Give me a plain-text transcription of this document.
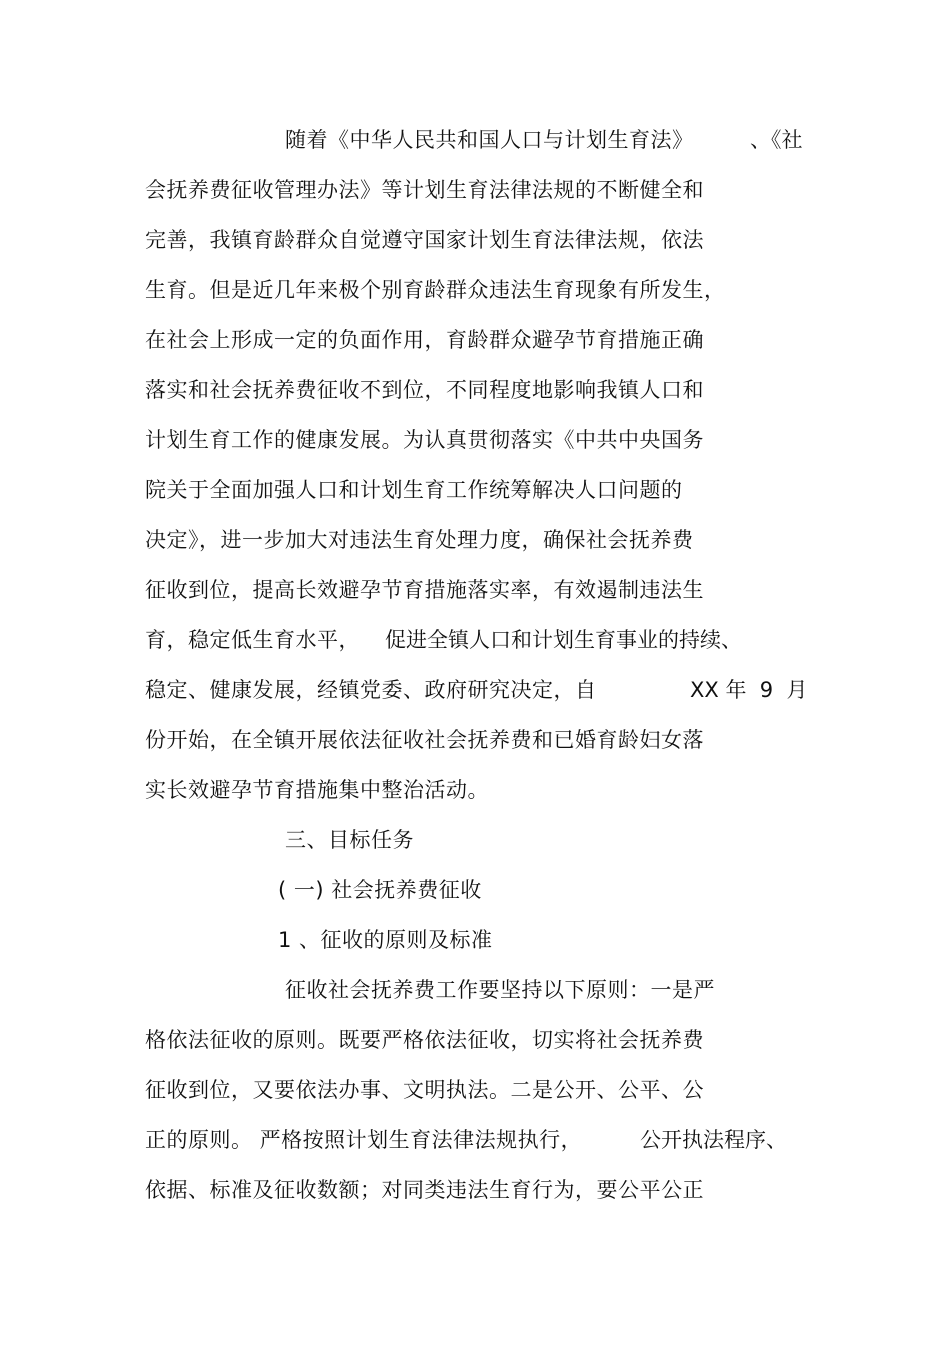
随着《中华人民共和国人口与计划生育法》	、《社
会抚养费征收管理办法》等计划生育法律法规的不断健全和
完善，我镇育龄群众自觉遵守国家计划生育法律法规，依法
生育。但是近几年来极个别育龄群众违法生育现象有所发生，
在社会上形成一定的负面作用，育龄群众避孕节育措施正确
落实和社会抚养费征收不到位，不同程度地影响我镇人口和
计划生育工作的健康发展。为认真贯彻落实《中共中央国务
院关于全面加强人口和计划生育工作统筹解决人口问题的
决定》，进一步加大对违法生育处理力度，确保社会抚养费
征收到位，提高长效避孕节育措施落实率，有效遏制违法生
育，稳定低生育水平， 促进全镇人口和计划生育事业的持续、
稳定、健康发展，经镇党委、政府研究决定，自	XX 年  9  月
份开始，在全镇开展依法征收社会抚养费和已婚育龄妇女落
实长效避孕节育措施集中整治活动。
三、目标任务
( 一) 社会抚养费征收
1 、征收的原则及标准
征收社会抚养费工作要坚持以下原则：一是严
格依法征收的原则。既要严格依法征收，切实将社会抚养费
征收到位，又要依法办事、文明执法。二是公开、公平、公
正的原则。 严格按照计划生育法律法规执行，	公开执法程序、
依据、标准及征收数额；对同类违法生育行为，要公平公正
